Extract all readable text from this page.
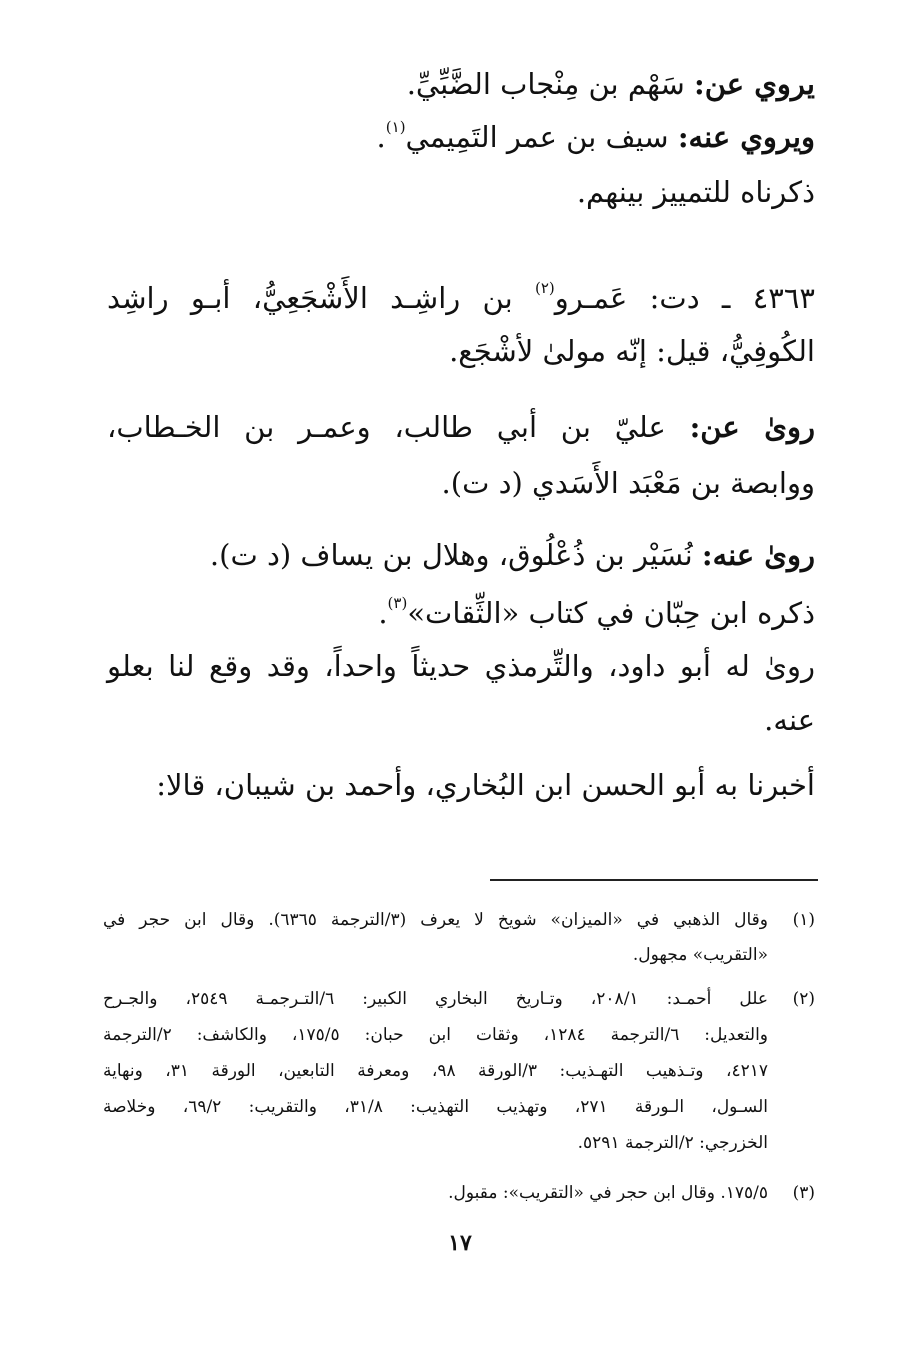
يروي عن: سَهْم بن مِنْجاب الضَّبِّيِّ.
ويروي عنه: سيف بن عمر التَمِيمي$^{(١)}$.
ذكرناه للتمييز بينهم.
٤٣٦٣ ـ دت: عَمـرو$^{(٢)}$ بن راشِـد الأَشْجَعِيُّ، أبـو راشِد
الكُوفِيُّ، قيل: إنّه مولىٰ لأشْجَع.
روىٰ عن: عليّ بن أبي طالب، وعمـر بن الخـطاب،
ووابصة بن مَعْبَد الأَسَدي (د ت).
روىٰ عنه: نُسَيْر بن ذُعْلُوق، وهلال بن يساف (د ت).
ذكره ابن حِبّان في كتاب «الثِّقات»$^{(٣)}$.
روىٰ له أبو داود، والتِّرمذي حديثاً واحداً، وقد وقع لنا بعلو
عنه.
أخبرنا به أبو الحسن ابن البُخاري، وأحمد بن شيبان، قالا:
(١)
وقال الذهبي في «الميزان» شويخ لا يعرف (٣/الترجمة ٦٣٦٥). وقال ابن حجر في
«التقريب» مجهول.
(٢)
علل أحمـد: ٢٠٨/١، وتـاريخ البخاري الكبير: ٦/التـرجمـة ٢٥٤٩، والجـرح
والتعديل: ٦/الترجمة ١٢٨٤، وثقات ابن حبان: ١٧٥/٥، والكاشف: ٢/الترجمة
٤٢١٧، وتـذهيب التهـذيب: ٣/الورقة ٩٨، ومعرفة التابعين، الورقة ٣١، ونهاية
السـول، الـورقة ٢٧١، وتهذيب التهذيب: ٣١/٨، والتقريب: ٦٩/٢، وخلاصة
الخزرجي: ٢/الترجمة ٥٢٩١.
(٣)
١٧٥/٥. وقال ابن حجر في «التقريب»: مقبول.
١٧
